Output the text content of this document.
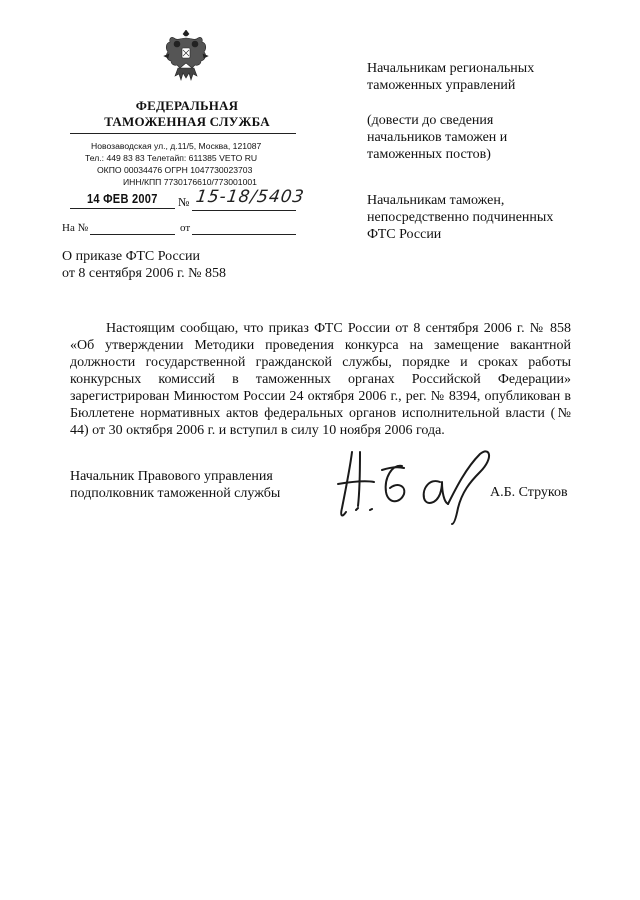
ФЕДЕРАЛЬНАЯ
ТАМОЖЕННАЯ СЛУЖБА
Новозаводская ул., д.11/5, Москва, 121087
Тел.: 449 83 83 Телетайп: 611385 VETO RU
ОКПО 00034476 ОГРН 1047730023703
ИНН/КПП 7730176610/773001001
14 ФЕВ 2007 № 15-18/5403
На №	от
О приказе ФТС России
от 8 сентября 2006 г. № 858
Начальникам региональных
таможенных управлений
(довести до сведения
начальников таможен и
таможенных постов)
Начальникам таможен,
непосредственно подчиненных
ФТС России

Настоящим сообщаю, что приказ ФТС России от 8 сентября 2006 г. № 858 «Об утверждении Методики проведения конкурса на замещение вакантной должности государственной гражданской службы, порядке и сроках работы конкурсных комиссий в таможенных органах Российской Федерации» зарегистрирован Минюстом России 24 октября 2006 г., рег. № 8394, опубликован в Бюллетене нормативных актов федеральных органов исполнительной власти (№ 44) от 30 октября 2006 г. и вступил в силу 10 ноября 2006 года.

Начальник Правового управления
подполковник таможенной службы	А.Б. Струков
